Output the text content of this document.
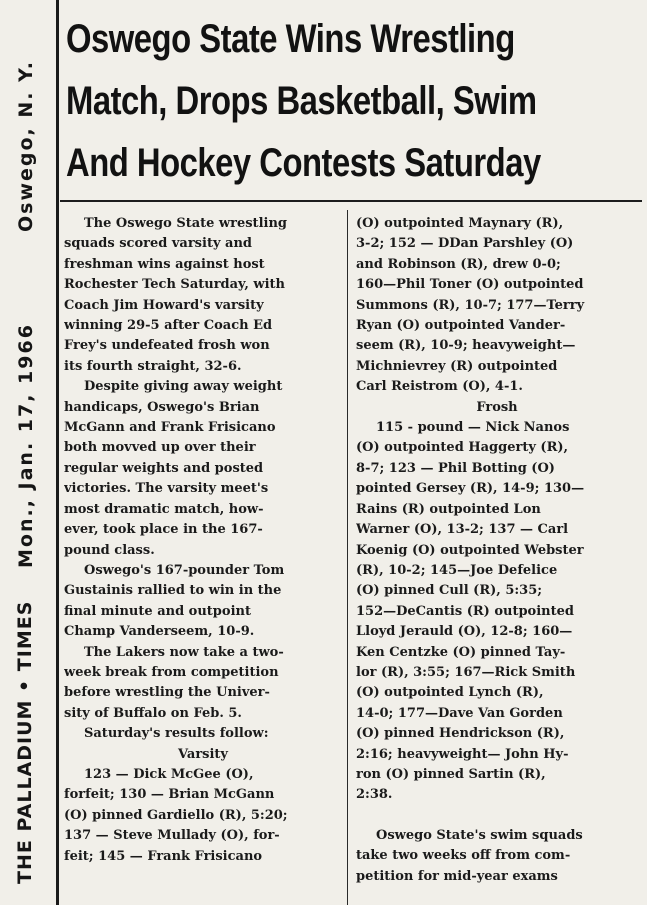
THE PALLADIUM • TIMES
Mon., Jan. 17, 1966
Oswego, N. Y.
Oswego State Wins Wrestling
Match, Drops Basketball, Swim
And Hockey Contests Saturday
The Oswego State wrestling
squads scored varsity and
freshman wins against host
Rochester Tech Saturday, with
Coach Jim Howard's varsity
winning 29-5 after Coach Ed
Frey's undefeated frosh won
its fourth straight, 32-6.
Despite giving away weight
handicaps, Oswego's Brian
McGann and Frank Frisicano
both movved up over their
regular weights and posted
victories. The varsity meet's
most dramatic match, how-
ever, took place in the 167-
pound class.
Oswego's 167-pounder Tom
Gustainis rallied to win in the
final minute and outpoint
Champ Vanderseem, 10-9.
The Lakers now take a two-
week break from competition
before wrestling the Univer-
sity of Buffalo on Feb. 5.
Saturday's results follow:
Varsity
123 — Dick McGee (O),
forfeit; 130 — Brian McGann
(O) pinned Gardiello (R), 5:20;
137 — Steve Mullady (O), for-
feit; 145 — Frank Frisicano
(O) outpointed Maynary (R),
3-2; 152 — DDan Parshley (O)
and Robinson (R), drew 0-0;
160—Phil Toner (O) outpointed
Summons (R), 10-7; 177—Terry
Ryan (O) outpointed Vander-
seem (R), 10-9; heavyweight—
Michnievrey (R) outpointed
Carl Reistrom (O), 4-1.
Frosh
115 - pound — Nick Nanos
(O) outpointed Haggerty (R),
8-7; 123 — Phil Botting (O)
pointed Gersey (R), 14-9; 130—
Rains (R) outpointed Lon
Warner (O), 13-2; 137 — Carl
Koenig (O) outpointed Webster
(R), 10-2; 145—Joe Defelice
(O) pinned Cull (R), 5:35;
152—DeCantis (R) outpointed
Lloyd Jerauld (O), 12-8; 160—
Ken Centzke (O) pinned Tay-
lor (R), 3:55; 167—Rick Smith
(O) outpointed Lynch (R),
14-0; 177—Dave Van Gorden
(O) pinned Hendrickson (R),
2:16; heavyweight— John Hy-
ron (O) pinned Sartin (R),
2:38.
Oswego State's swim squads
take two weeks off from com-
petition for mid-year exams
